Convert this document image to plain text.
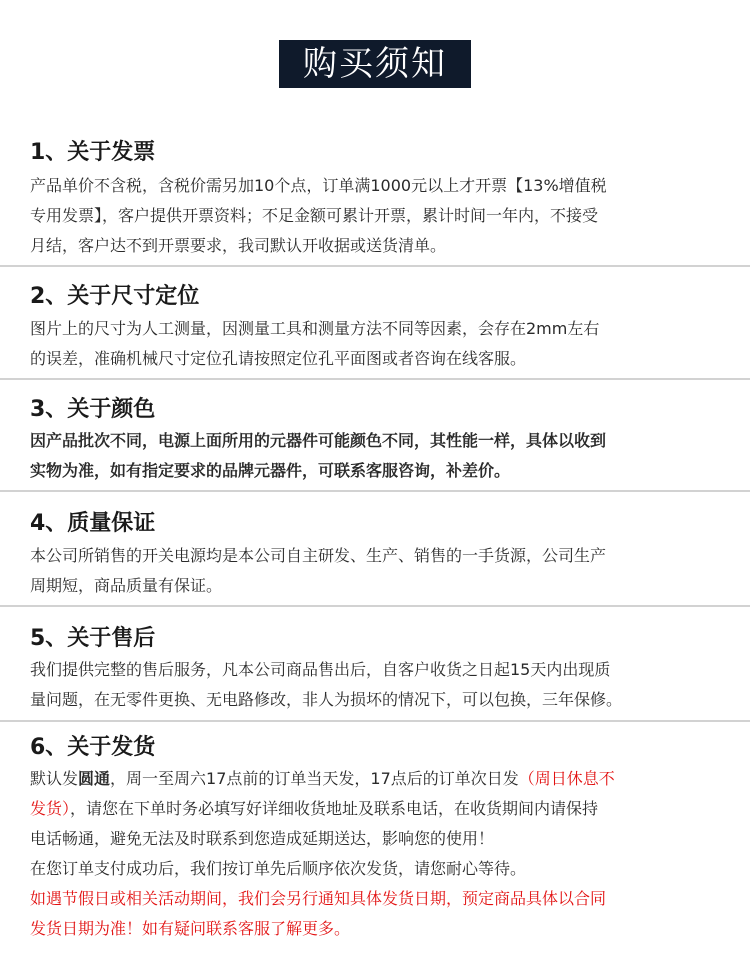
购买须知
1、关于发票

产品单价不含税，含税价需另加10个点，订单满1000元以上才开票【13%增值税

专用发票】，客户提供开票资料；不足金额可累计开票，累计时间一年内，不接受

月结，客户达不到开票要求，我司默认开收据或送货清单。

2、关于尺寸定位

图片上的尺寸为人工测量，因测量工具和测量方法不同等因素，会存在2mm左右

的误差，准确机械尺寸定位孔请按照定位孔平面图或者咨询在线客服。

3、关于颜色

因产品批次不同，电源上面所用的元器件可能颜色不同，其性能一样，具体以收到

实物为准，如有指定要求的品牌元器件，可联系客服咨询，补差价。

4、质量保证

本公司所销售的开关电源均是本公司自主研发、生产、销售的一手货源，公司生产

周期短，商品质量有保证。

5、关于售后

我们提供完整的售后服务，凡本公司商品售出后，自客户收货之日起15天内出现质

量问题，在无零件更换、无电路修改，非人为损坏的情况下，可以包换，三年保修。

6、关于发货

默认发圆通，周一至周六17点前的订单当天发，17点后的订单次日发（周日休息不

发货），请您在下单时务必填写好详细收货地址及联系电话，在收货期间内请保持

电话畅通，避免无法及时联系到您造成延期送达，影响您的使用！

在您订单支付成功后，我们按订单先后顺序依次发货，请您耐心等待。

如遇节假日或相关活动期间，我们会另行通知具体发货日期，预定商品具体以合同

发货日期为准！如有疑问联系客服了解更多。
